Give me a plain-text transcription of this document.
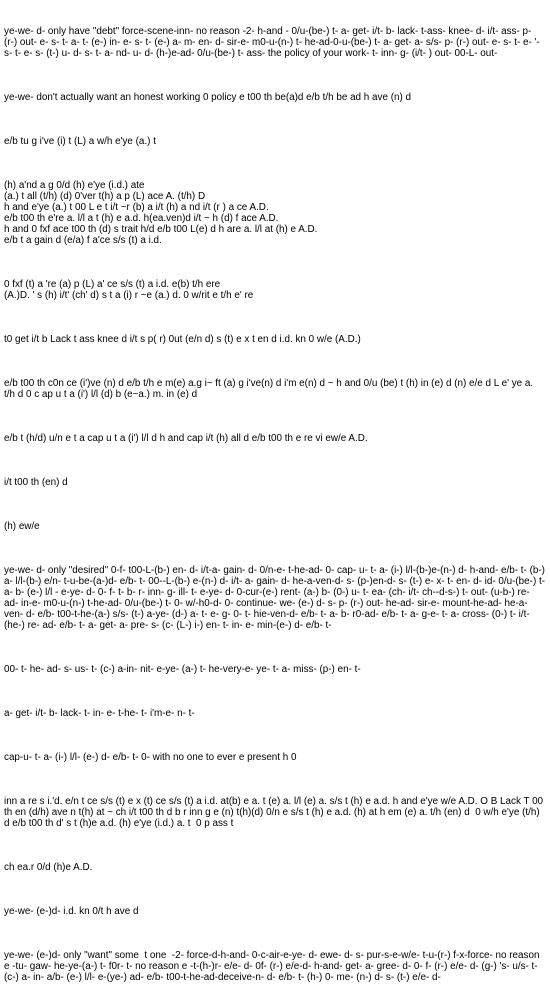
ye-we- d- only have "debt" force-scene-inn- no reason -2- h-and - 0/u-(be-) t- a- get- i/t- b- lack- t-ass- knee- d- i/t- ass- p- (r-) out- e- s- t- a- t- (e-) in- e- s- t- (e-) a- m- en- d- sir-e- m0-u-(n-) t- he-ad-0-u-(be-) t- a- get- a- s/s- p- (r-) out- e- s- t- e- '- s- t- e- s- (t-) u- d- s- t- a- nd- u- d- (h-)e-ad- 0/u-(be-) t- ass- the policy of your work- t- inn- g- (i/t- ) out- 00-L- out-

ye-we- don't actually want an honest working 0 policy e t00 th be(a)d e/b t/h be ad h ave (n) d

e/b tu g i've (i) t (L) a w/h e'ye (a.) t

(h) a'nd a g 0/d (h) e'ye (i.d.) ate
(a.) t all (t/h) (d) 0'ver t(h) a p (L) ace A. (t/h) D
h and e'ye (a.) t 00 L e t i/t ~r (b) a i/t (h) a nd i/t (r ) a ce A.D.
e/b t00 th e're a. l/l a t (h) e a.d. h(ea.ven)d i/t ~ h (d) f ace A.D.
h and 0 fxf ace t00 th (d) s trait h/d e/b t00 L(e) d h are a. l/l at (h) e A.D.
e/b t a gain d (e/a) f a'ce s/s (t) a i.d.

0 fxf (t) a 're (a) p (L) a' ce s/s (t) a i.d. e(b) t/h ere
(A.)D. ' s (h) i/t' (ch' d) s t a (i) r ~e (a.) d. 0 w/rit e t/h e' re

t0 get i/t b Lack t ass knee d i/t s p( r) 0ut (e/n d) s (t) e x t en d i.d. kn 0 w/e (A.D.)

e/b t00 th c0n ce (i')ve (n) d e/b t/h e m(e) a.g i~ ft (a) g i've(n) d i'm e(n) d ~ h and 0/u (be) t (h) in (e) d (n) e/e d L e' ye a. t/h d 0 c ap u t a (i') l/l (d) b (e~a.) m. in (e) d

e/b t (h/d) u/n e t a cap u t a (i') l/l d h and cap i/t (h) all d e/b t00 th e re vi ew/e A.D.

i/t t00 th (en) d

(h) ew/e

ye-we- d- only "desired" 0-f- t00-L-(b-) en- d- i/t-a- gain- d- 0/n-e- t-he-ad- 0- cap- u- t- a- (i-) l/l-(b-)e-(n-) d- h-and- e/b- t- (b-) a- l/l-(b-) e/n- t-u-be-(a-)d- e/b- t- 00--L-(b-) e-(n-) d- i/t- a- gain- d- he-a-ven-d- s- (p-)en-d- s- (t-) e- x- t- en- d- id- 0/u-(be-) t- a- b- (e-) l/l - e-ye- d- 0- f- t- b- r- inn- g- ill- t- e-ye- d- 0-cur-(e-) rent- (a-) b- (0-) u- t- ea- (ch- i/t- ch--d-s-) t- out- (u-b-) re- ad- in-e- m0-u-(n-) t-he-ad- 0/u-(be-) t- 0- w/-h0-d- 0- continue- we- (e-) d- s- p- (r-) out- he-ad- sir-e- mount-he-ad- he-a-ven- d- e/b- t00-t-he-(a-) s/s- (t-) a-ye- (d-) a- t- e- g- 0- t- hie-ven-d- e/b- t- a- b- r0-ad- e/b- t- a- g-e- t- a- cross- (0-) t- i/t- (he-) re- ad- e/b- t- a- get- a- pre- s- (c- (L-) i-) en- t- in- e- min-(e-) d- e/b- t-

00- t- he- ad- s- us- t- (c-) a-in- nit- e-ye- (a-) t- he-very-e- ye- t- a- miss- (p-) en- t-

a- get- i/t- b- lack- t- in- e- t-he- t- i'm-e- n- t-

cap-u- t- a- (i-) l/l- (e-) d- e/b- t- 0- with no one to ever e present h 0

inn a re s i.'d. e/n t ce s/s (t) e x (t) ce s/s (t) a i.d. at(b) e a. t (e) a. l/l (e) a. s/s t (h) e a.d. h and e'ye w/e A.D. O B Lack T 00 th en (d/h) ave n t(h) at ~ ch i/t t00 th d b r inn g e (n) t(h)(d) 0/n e s/s t (h) e a.d. (h) at h em (e) a. t/h (en) d  0 w/h e'ye (t/h) d e/b t00 th d' s t (h)e a.d. (h) e'ye (i.d.) a. t  0 p ass t

ch ea.r 0/d (h)e A.D.

ye-we- (e-)d- i.d. kn 0/t h ave d

ye-we- (e-)d- only "want" some  t one  -2- force-d-h-and- 0-c-air-e-ye- d- ewe- d- s- pur-s-e-w/e- t-u-(r-) f-x-force- no reason e -tu- gaw- he-ye-(a-) t- f0r- t- no reason e -t-(h-)r- e/e- d- 0f- (r-) e/e-d- h-and- get- a- gree- d- 0- f- (r-) e/e- d- (g-) 's- u/s- t- (c-) a- in- a/b- (e-) l/l- e-(ye-) ad- e/b- t00-t-he-ad-deceive-n- d- e/b- t- (h-) 0- me- (n-) d- s- (t-) e/e- d-
